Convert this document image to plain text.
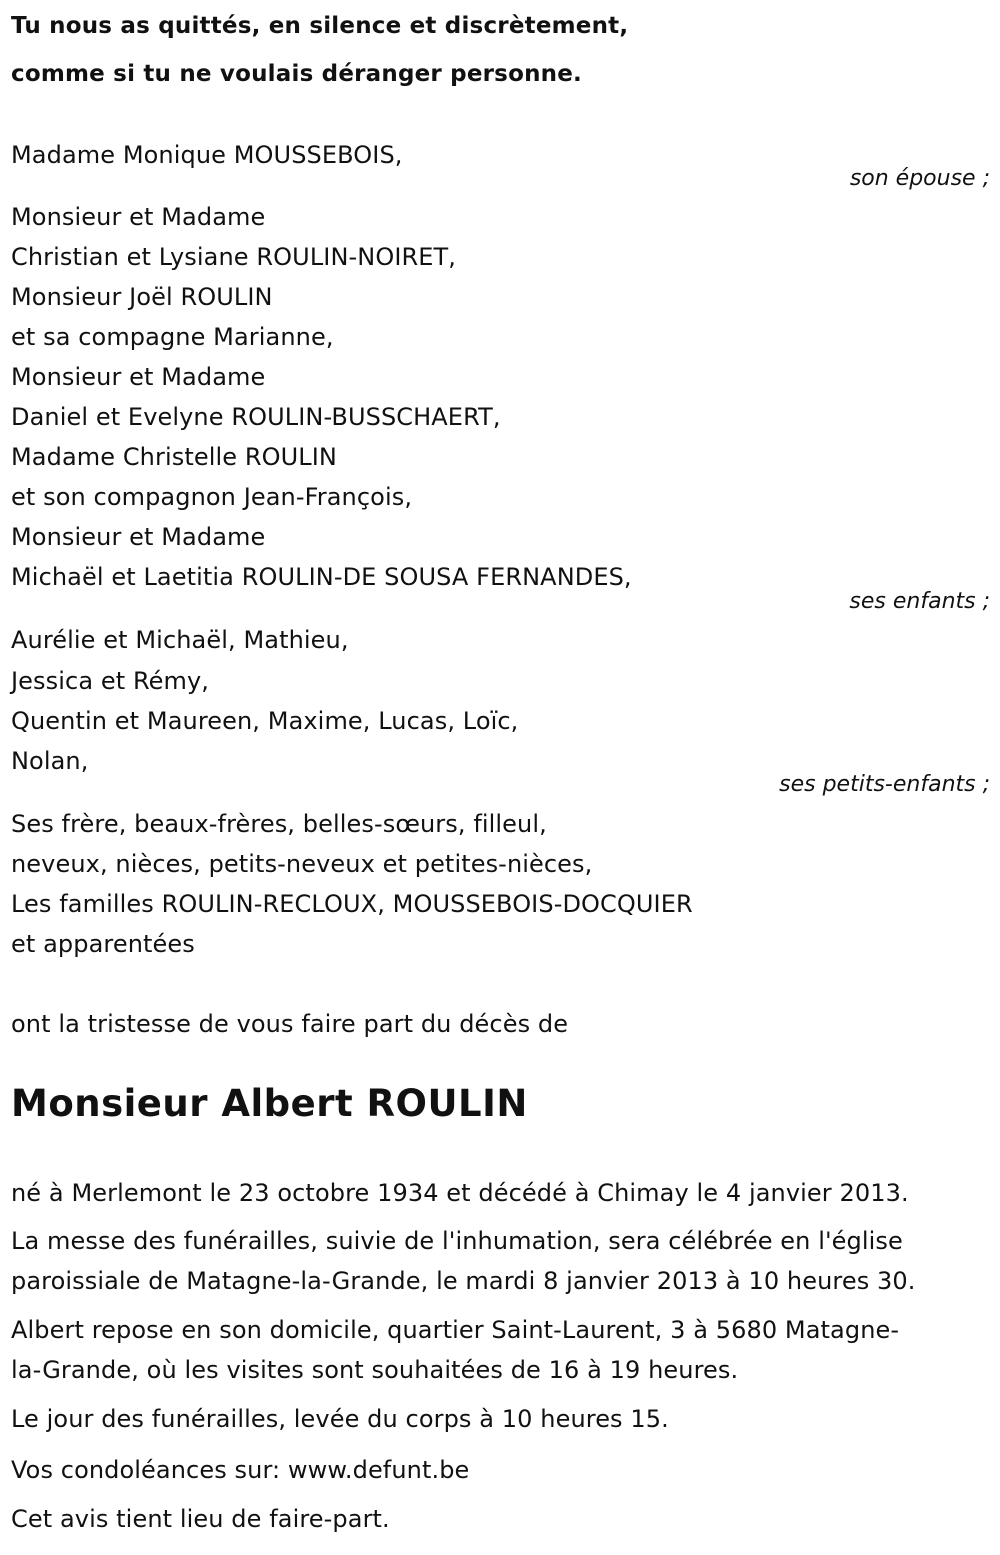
Tu nous as quittés, en silence et discrètement,
comme si tu ne voulais déranger personne.
Madame Monique MOUSSEBOIS,
son épouse ;
Monsieur et Madame
Christian et Lysiane ROULIN-NOIRET,
Monsieur Joël ROULIN
et sa compagne Marianne,
Monsieur et Madame
Daniel et Evelyne ROULIN-BUSSCHAERT,
Madame Christelle ROULIN
et son compagnon Jean-François,
Monsieur et Madame
Michaël et Laetitia ROULIN-DE SOUSA FERNANDES,
ses enfants ;
Aurélie et Michaël, Mathieu,
Jessica et Rémy,
Quentin et Maureen, Maxime, Lucas, Loïc,
Nolan,
ses petits-enfants ;
Ses frère, beaux-frères, belles-sœurs, filleul,
neveux, nièces, petits-neveux et petites-nièces,
Les familles ROULIN-RECLOUX, MOUSSEBOIS-DOCQUIER
et apparentées
ont la tristesse de vous faire part du décès de
Monsieur Albert ROULIN
né à Merlemont le 23 octobre 1934 et décédé à Chimay le 4 janvier 2013.
La messe des funérailles, suivie de l'inhumation, sera célébrée en l'église
paroissiale de Matagne-la-Grande, le mardi 8 janvier 2013 à 10 heures 30.
Albert repose en son domicile, quartier Saint-Laurent, 3 à 5680 Matagne-
la-Grande, où les visites sont souhaitées de 16 à 19 heures.
Le jour des funérailles, levée du corps à 10 heures 15.
Vos condoléances sur: www.defunt.be
Cet avis tient lieu de faire-part.
